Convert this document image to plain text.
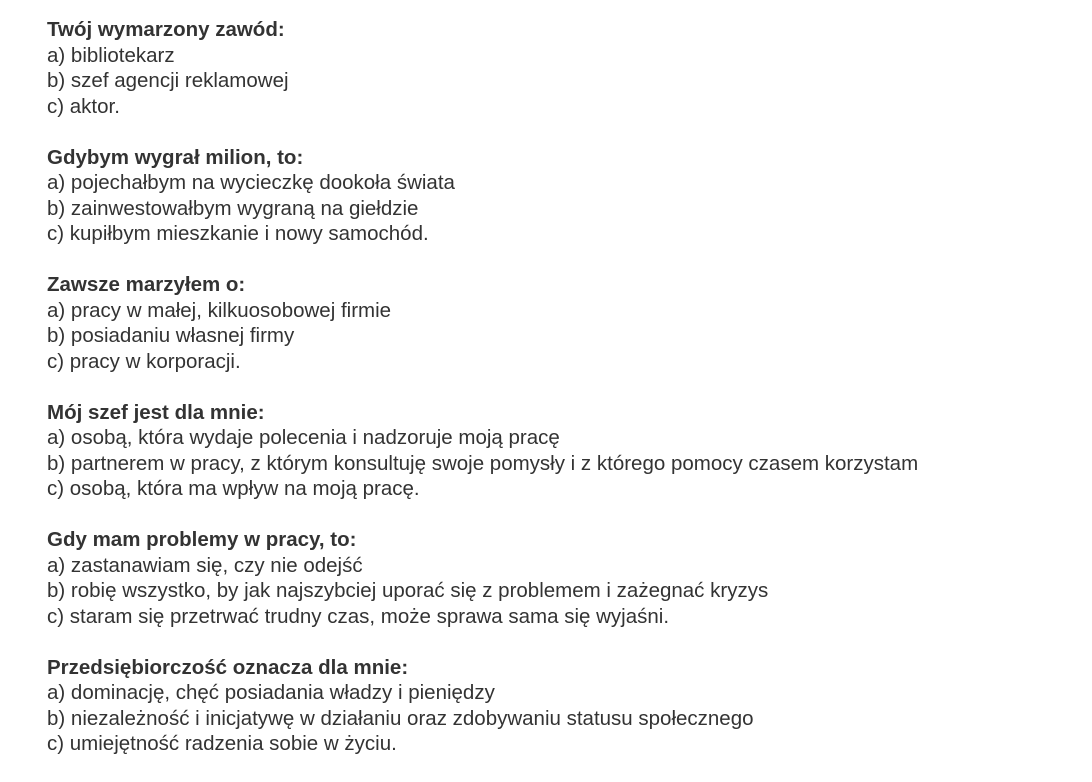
Twój wymarzony zawód:
a) bibliotekarz
b) szef agencji reklamowej
c) aktor.
Gdybym wygrał milion, to:
a) pojechałbym na wycieczkę dookoła świata
b) zainwestowałbym wygraną na giełdzie
c) kupiłbym mieszkanie i nowy samochód.
Zawsze marzyłem o:
a) pracy w małej, kilkuosobowej firmie
b) posiadaniu własnej firmy
c) pracy w korporacji.
Mój szef jest dla mnie:
a) osobą, która wydaje polecenia i nadzoruje moją pracę
b) partnerem w pracy, z którym konsultuję swoje pomysły i z którego pomocy czasem korzystam
c) osobą, która ma wpływ na moją pracę.
Gdy mam problemy w pracy, to:
a) zastanawiam się, czy nie odejść
b) robię wszystko, by jak najszybciej uporać się z problemem i zażegnać kryzys
c) staram się przetrwać trudny czas, może sprawa sama się wyjaśni.
Przedsiębiorczość oznacza dla mnie:
a) dominację, chęć posiadania władzy i pieniędzy
b) niezależność i inicjatywę w działaniu oraz zdobywaniu statusu społecznego
c) umiejętność radzenia sobie w życiu.
